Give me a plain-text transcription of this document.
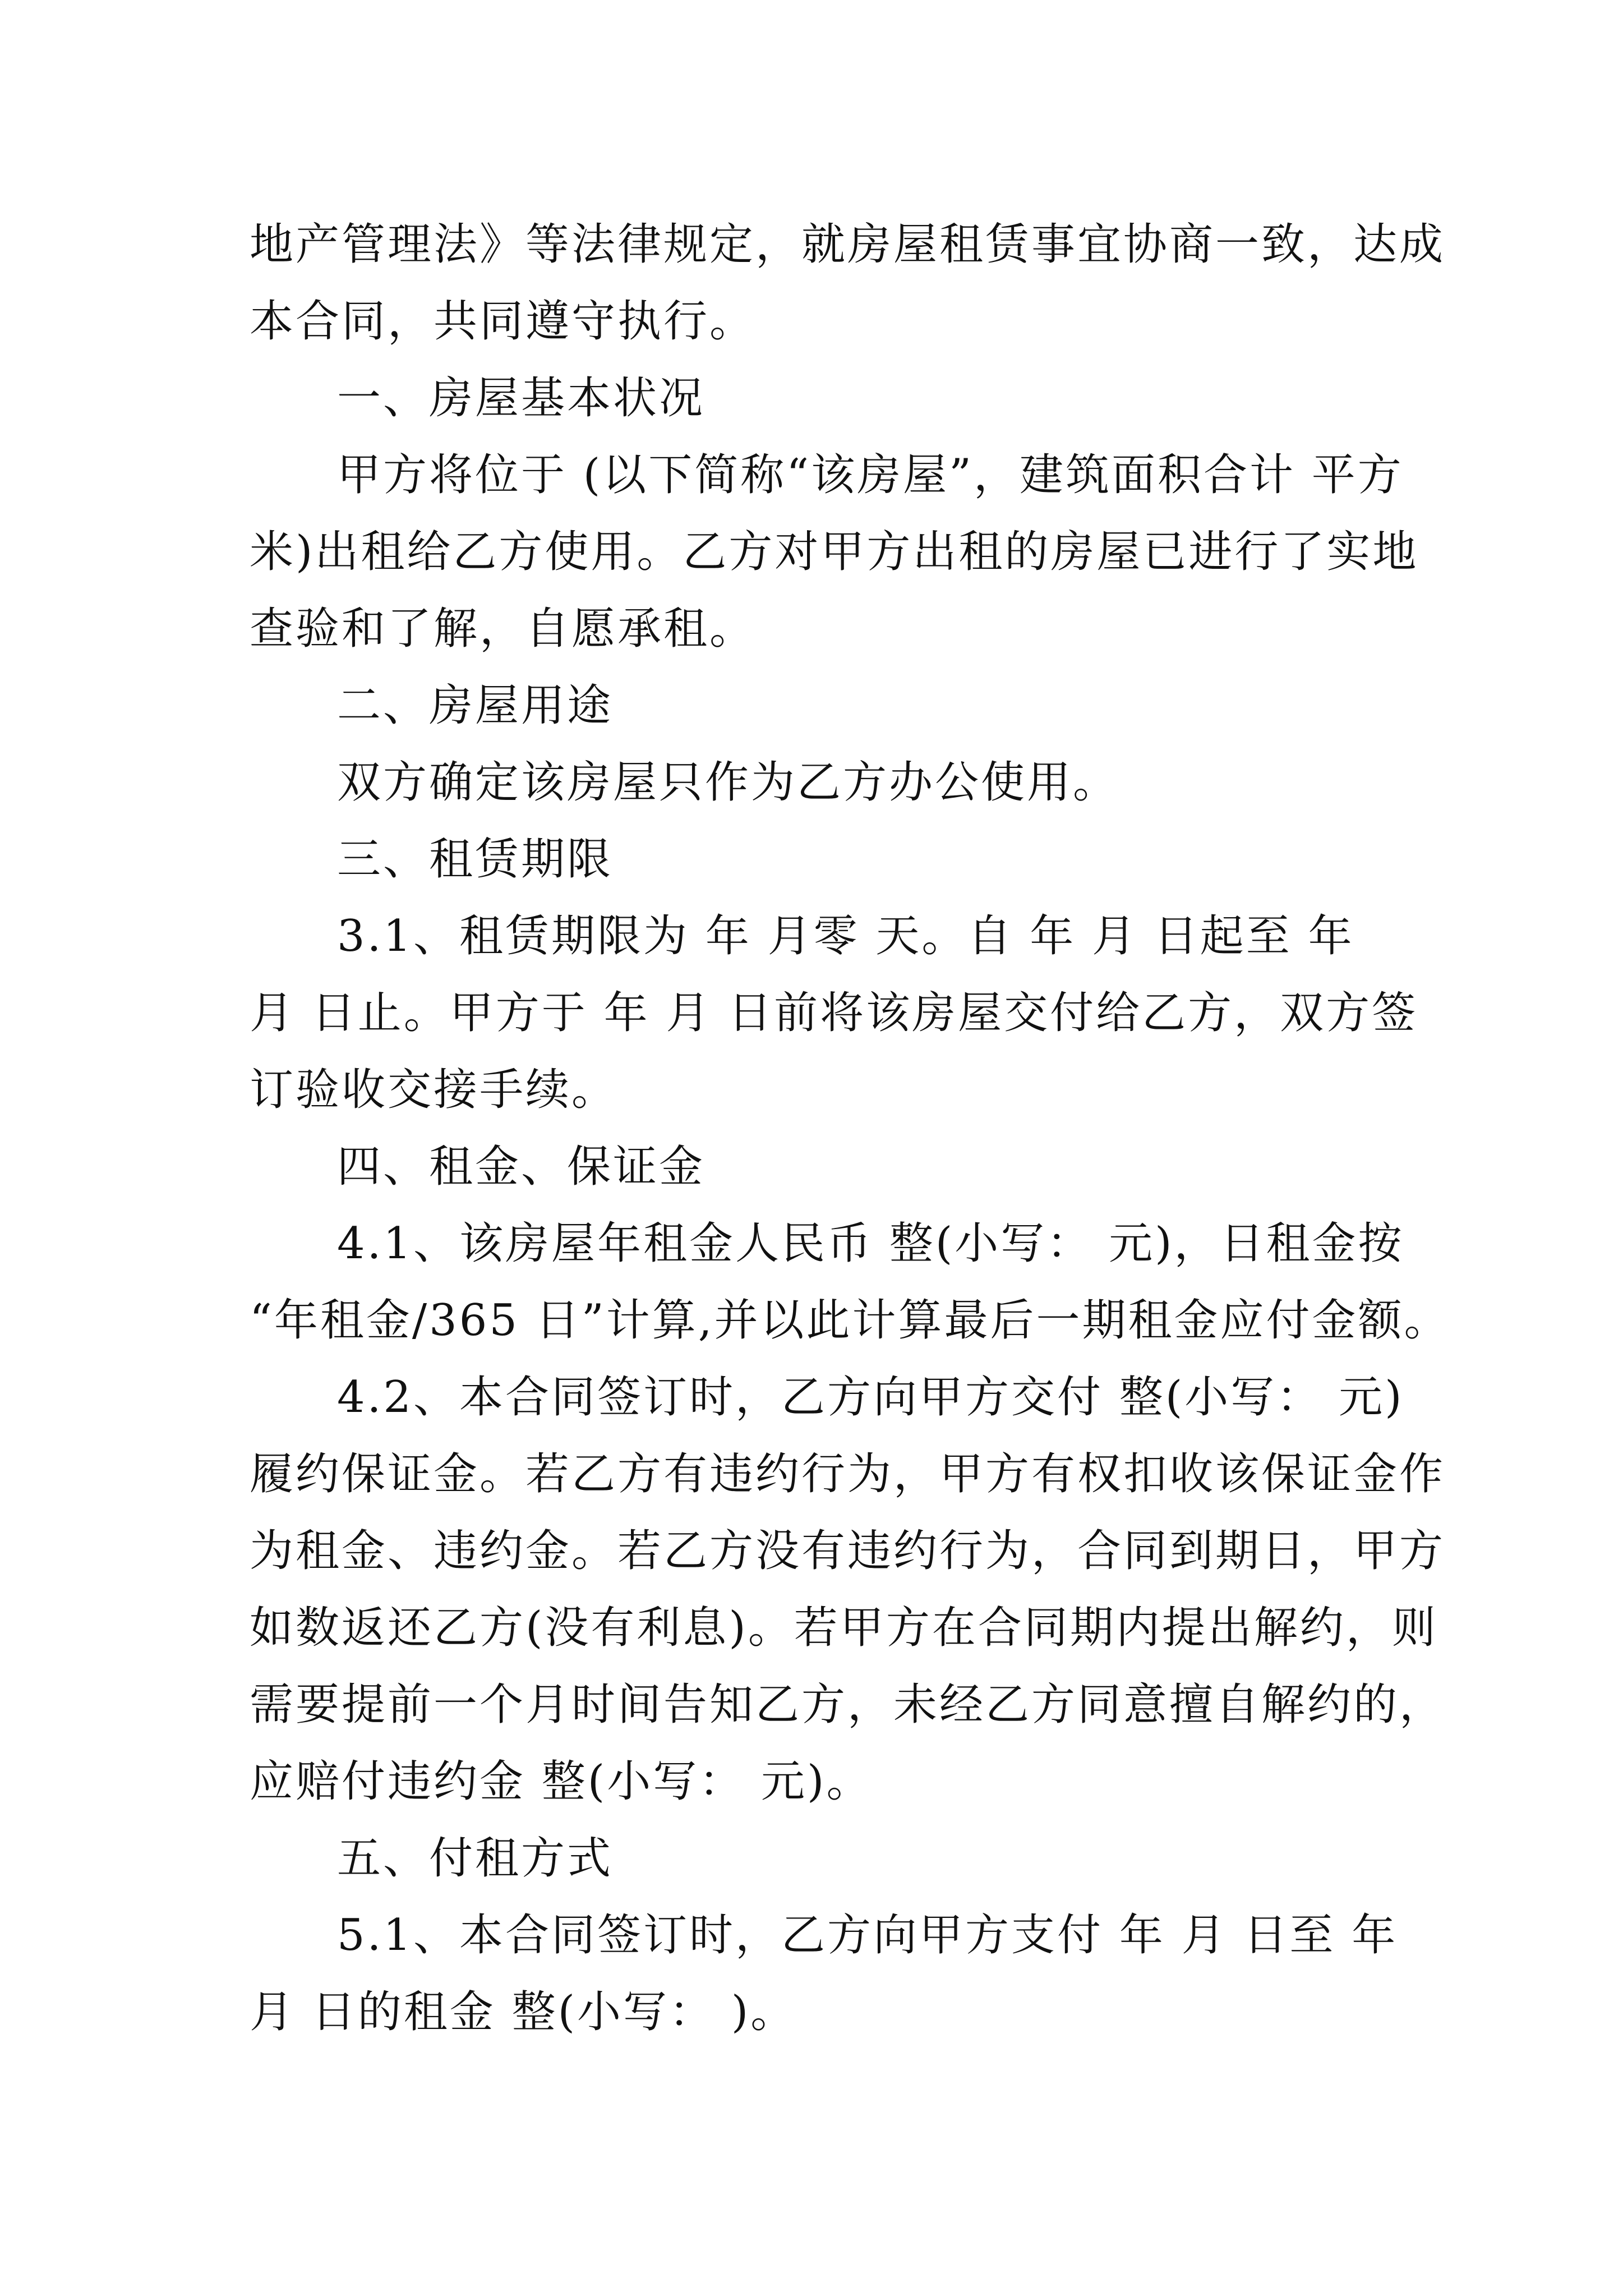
地产管理法》等法律规定，就房屋租赁事宜协商一致，达成
本合同，共同遵守执行。
一、房屋基本状况
甲方将位于 (以下简称“该房屋”，建筑面积合计 平方
米)出租给乙方使用。乙方对甲方出租的房屋已进行了实地
查验和了解，自愿承租。
二、房屋用途
双方确定该房屋只作为乙方办公使用。
三、租赁期限
3.1、租赁期限为 年 月零 天。自 年 月 日起至 年
月 日止。甲方于 年 月 日前将该房屋交付给乙方，双方签
订验收交接手续。
四、租金、保证金
4.1、该房屋年租金人民币 整(小写： 元)，日租金按
“年租金/365 日”计算,并以此计算最后一期租金应付金额。
4.2、本合同签订时，乙方向甲方交付 整(小写： 元)
履约保证金。若乙方有违约行为，甲方有权扣收该保证金作
为租金、违约金。若乙方没有违约行为，合同到期日，甲方
如数返还乙方(没有利息)。若甲方在合同期内提出解约，则
需要提前一个月时间告知乙方，未经乙方同意擅自解约的，
应赔付违约金 整(小写： 元)。
五、付租方式
5.1、本合同签订时，乙方向甲方支付 年 月 日至 年
月 日的租金 整(小写： )。
